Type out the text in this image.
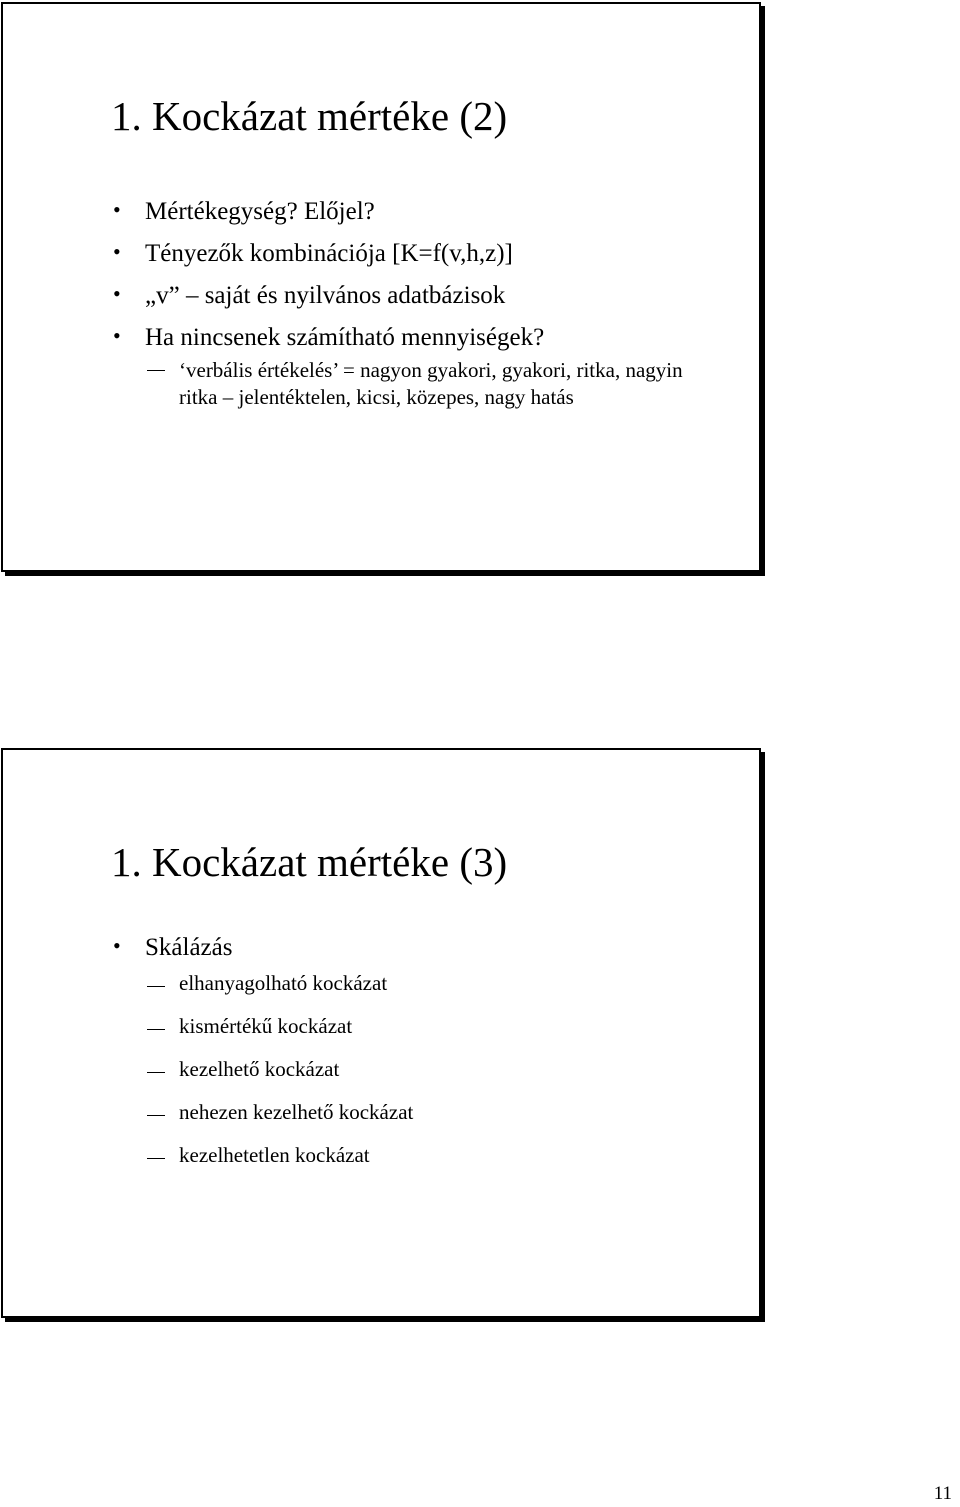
1. Kockázat mértéke (2)
• Mértékegység? Előjel?
• Tényezők kombinációja [K=f(v,h,z)]
• „v” – saját és nyilvános adatbázisok
• Ha nincsenek számítható mennyiségek?
‘verbális értékelés’ = nagyon gyakori, gyakori, ritka, nagyin ritka – jelentéktelen, kicsi, közepes, nagy hatás
1. Kockázat mértéke (3)
• Skálázás
elhanyagolható kockázat
kismértékű kockázat
kezelhető kockázat
nehezen kezelhető kockázat
kezelhetetlen kockázat
11
